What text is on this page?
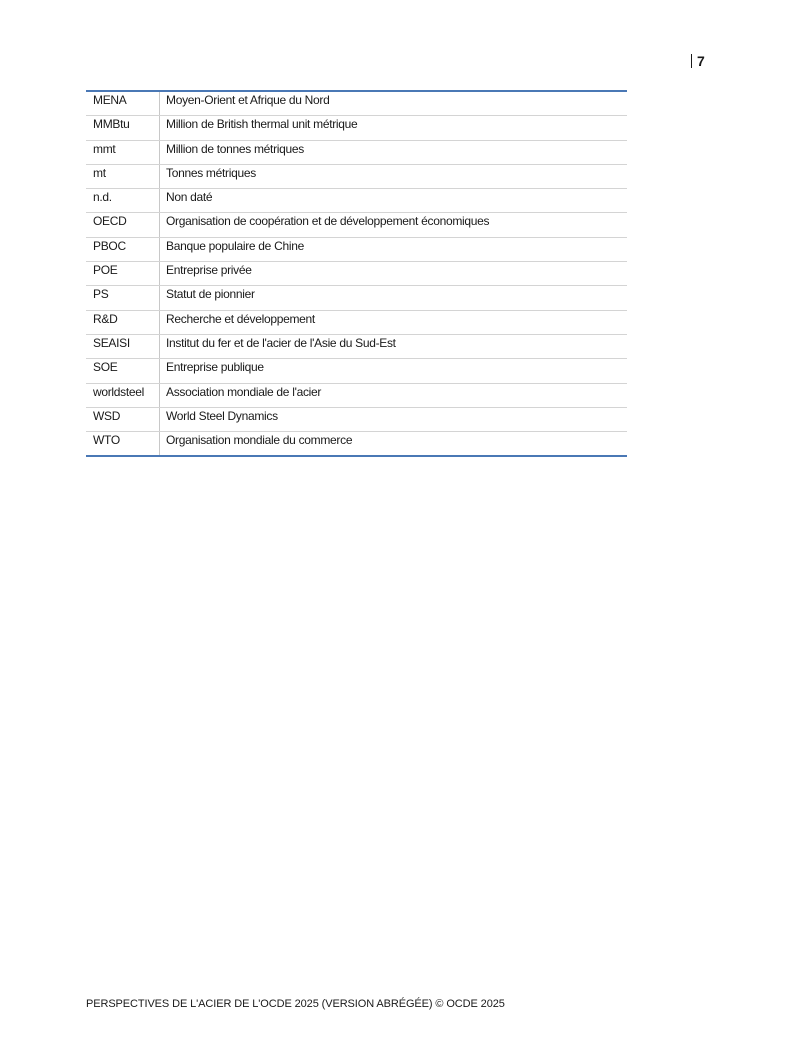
7
MENA	Moyen-Orient et Afrique du Nord
MMBtu	Million de British thermal unit métrique
mmt	Million de tonnes métriques
mt	Tonnes métriques
n.d.	Non daté
OECD	Organisation de coopération et de développement économiques
PBOC	Banque populaire de Chine
POE	Entreprise privée
PS	Statut de pionnier
R&D	Recherche et développement
SEAISI	Institut du fer et de l'acier de l'Asie du Sud-Est
SOE	Entreprise publique
worldsteel	Association mondiale de l'acier
WSD	World Steel Dynamics
WTO	Organisation mondiale du commerce
PERSPECTIVES DE L'ACIER DE L'OCDE 2025 (VERSION ABRÉGÉE) © OCDE 2025
